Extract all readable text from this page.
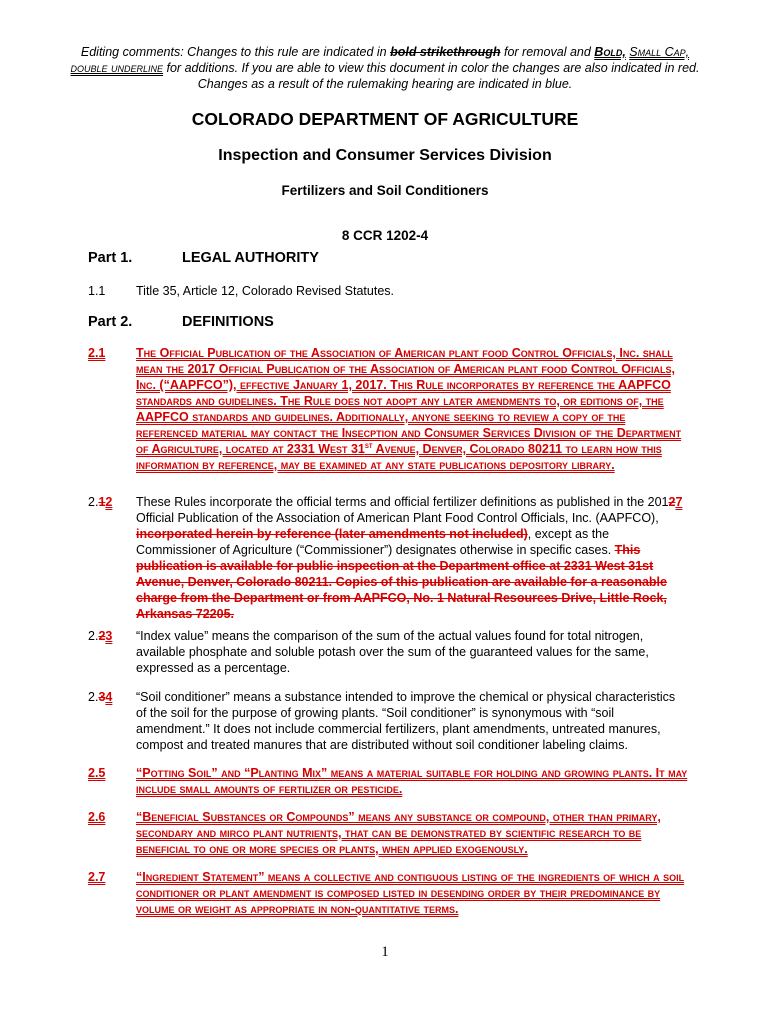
Editing comments: Changes to this rule are indicated in bold strikethrough for removal and Bold, Small Cap, double underline for additions. If you are able to view this document in color the changes are also indicated in red. Changes as a result of the rulemaking hearing are indicated in blue.
COLORADO DEPARTMENT OF AGRICULTURE
Inspection and Consumer Services Division
Fertilizers and Soil Conditioners
8 CCR 1202-4
Part 1.	LEGAL AUTHORITY
1.1	Title 35, Article 12, Colorado Revised Statutes.
Part 2.	DEFINITIONS
2.1	The Official Publication of the Association of American plant food Control Officials, Inc. shall mean the 2017 Official Publication of the Association of American plant food Control Officials, Inc. (“AAPFCO”), effective January 1, 2017. This Rule incorporates by reference the AAPFCO standards and guidelines. The Rule does not adopt any later amendments to, or editions of, the AAPFCO standards and guidelines. Additionally, anyone seeking to review a copy of the referenced material may contact the Insecption and Consumer Services Division of the Department of Agriculture, located at 2331 West 31st Avenue, Denver, Colorado 80211 to learn how this information by reference, may be examined at any state publications depository library.
2.12	These Rules incorporate the official terms and official fertilizer definitions as published in the 20127 Official Publication of the Association of American Plant Food Control Officials, Inc. (AAPFCO), incorporated herein by reference (later amendments not included), except as the Commissioner of Agriculture (“Commissioner”) designates otherwise in specific cases. This publication is available for public inspection at the Department office at 2331 West 31st Avenue, Denver, Colorado 80211. Copies of this publication are available for a reasonable charge from the Department or from AAPFCO, No. 1 Natural Resources Drive, Little Rock, Arkansas 72205.
2.23	“Index value” means the comparison of the sum of the actual values found for total nitrogen, available phosphate and soluble potash over the sum of the guaranteed values for the same, expressed as a percentage.
2.34	“Soil conditioner” means a substance intended to improve the chemical or physical characteristics of the soil for the purpose of growing plants. “Soil conditioner” is synonymous with “soil amendment.” It does not include commercial fertilizers, plant amendments, untreated manures, compost and treated manures that are distributed without soil conditioner labeling claims.
2.5	“Potting Soil” and “Planting Mix” means a material suitable for holding and growing plants. It may include small amounts of fertilizer or pesticide.
2.6	“Beneficial Substances or Compounds” means any substance or compound, other than primary, secondary and mirco plant nutrients, that can be demonstrated by scientific research to be beneficial to one or more species or plants, when applied exogenously.
2.7	“Ingredient Statement” means a collective and contiguous listing of the ingredients of which a soil conditioner or plant amendment is composed listed in desending order by their predominance by volume or weight as appropriate in non-quantitative terms.
1
